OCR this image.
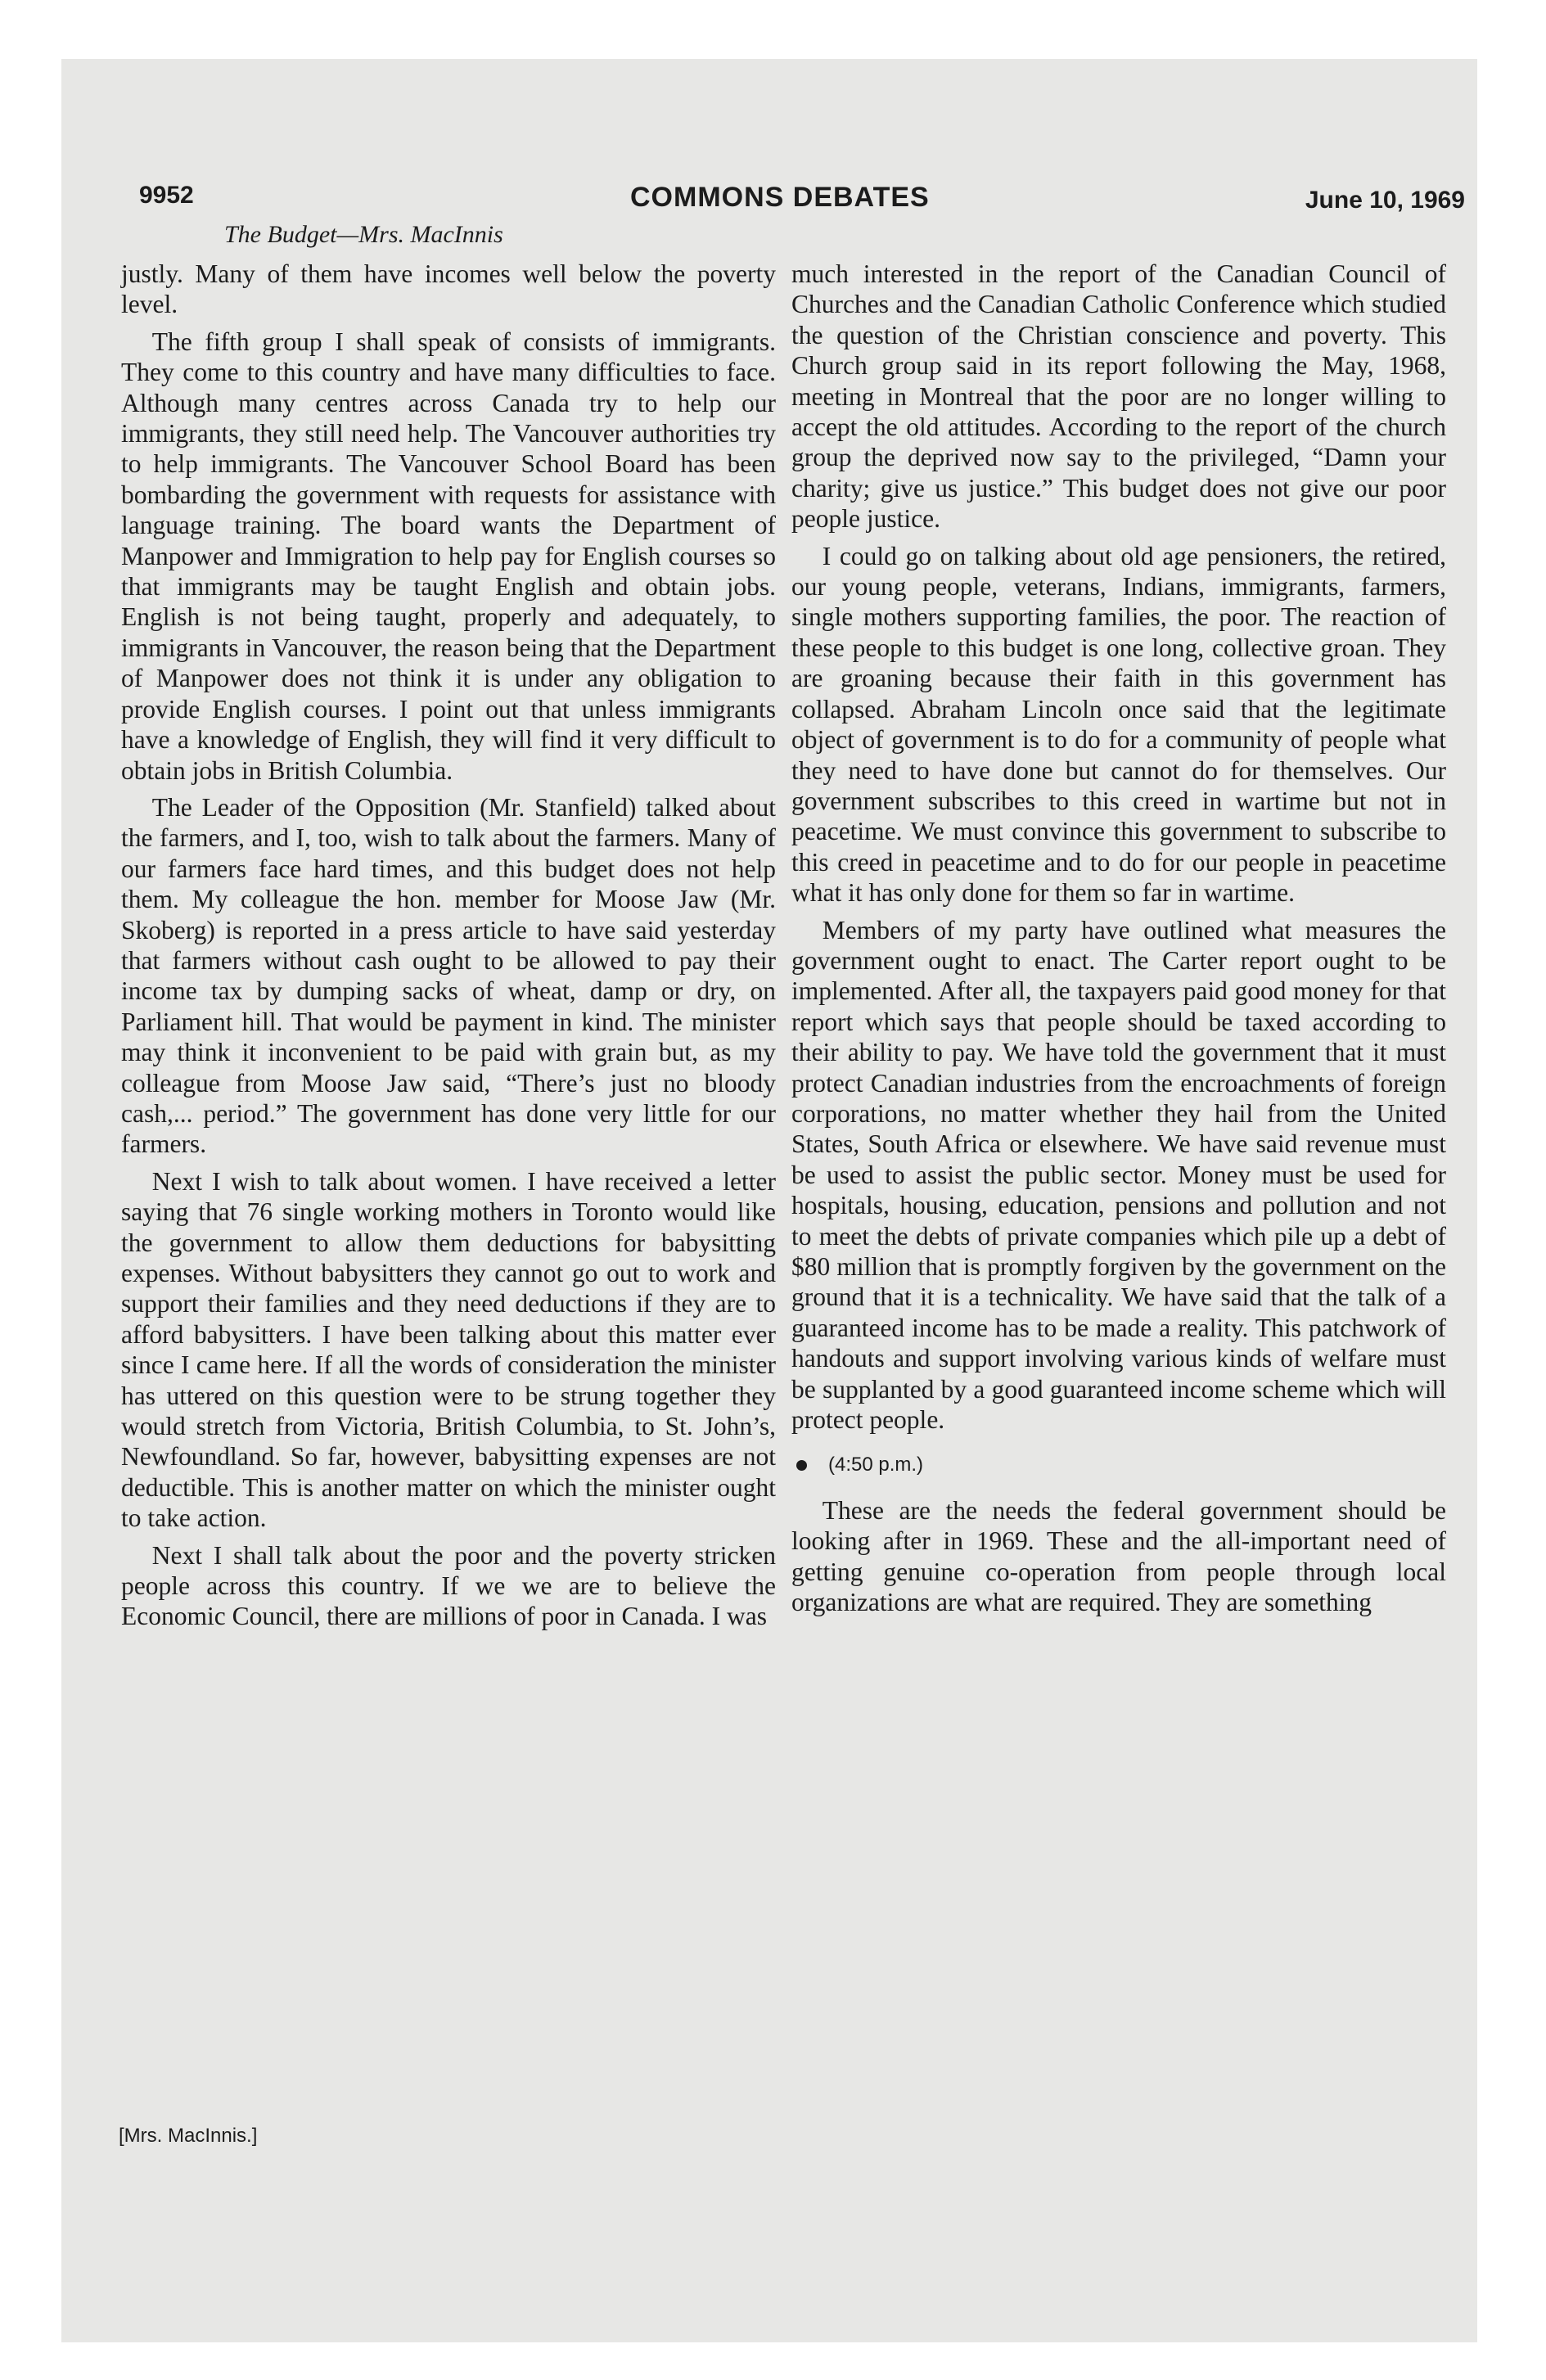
9952	COMMONS DEBATES	June 10, 1969
The Budget—Mrs. MacInnis

justly. Many of them have incomes well below the poverty level.

The fifth group I shall speak of consists of immigrants. They come to this country and have many difficulties to face. Although many centres across Canada try to help our immigrants, they still need help. The Vancouver authorities try to help immigrants. The Vancouver School Board has been bombarding the government with requests for assistance with language training. The board wants the Department of Manpower and Immigration to help pay for English courses so that immigrants may be taught English and obtain jobs. English is not being taught, properly and adequately, to immigrants in Vancouver, the reason being that the Department of Manpower does not think it is under any obligation to provide English courses. I point out that unless immigrants have a knowledge of English, they will find it very difficult to obtain jobs in British Columbia.

The Leader of the Opposition (Mr. Stanfield) talked about the farmers, and I, too, wish to talk about the farmers. Many of our farmers face hard times, and this budget does not help them. My colleague the hon. member for Moose Jaw (Mr. Skoberg) is reported in a press article to have said yesterday that farmers without cash ought to be allowed to pay their income tax by dumping sacks of wheat, damp or dry, on Parliament hill. That would be payment in kind. The minister may think it inconvenient to be paid with grain but, as my colleague from Moose Jaw said, “There’s just no bloody cash,... period.” The government has done very little for our farmers.

Next I wish to talk about women. I have received a letter saying that 76 single working mothers in Toronto would like the government to allow them deductions for babysitting expenses. Without babysitters they cannot go out to work and support their families and they need deductions if they are to afford babysitters. I have been talking about this matter ever since I came here. If all the words of consideration the minister has uttered on this question were to be strung together they would stretch from Victoria, British Columbia, to St. John’s, Newfoundland. So far, however, babysitting expenses are not deductible. This is another matter on which the minister ought to take action.

Next I shall talk about the poor and the poverty stricken people across this country. If we we are to believe the Economic Council, there are millions of poor in Canada. I was

[Mrs. MacInnis.]

much interested in the report of the Canadian Council of Churches and the Canadian Catholic Conference which studied the question of the Christian conscience and poverty. This Church group said in its report following the May, 1968, meeting in Montreal that the poor are no longer willing to accept the old attitudes. According to the report of the church group the deprived now say to the privileged, “Damn your charity; give us justice.” This budget does not give our poor people justice.

I could go on talking about old age pensioners, the retired, our young people, veterans, Indians, immigrants, farmers, single mothers supporting families, the poor. The reaction of these people to this budget is one long, collective groan. They are groaning because their faith in this government has collapsed. Abraham Lincoln once said that the legitimate object of government is to do for a community of people what they need to have done but cannot do for themselves. Our government subscribes to this creed in wartime but not in peacetime. We must convince this government to subscribe to this creed in peacetime and to do for our people in peacetime what it has only done for them so far in wartime.

Members of my party have outlined what measures the government ought to enact. The Carter report ought to be implemented. After all, the taxpayers paid good money for that report which says that people should be taxed according to their ability to pay. We have told the government that it must protect Canadian industries from the encroachments of foreign corporations, no matter whether they hail from the United States, South Africa or elsewhere. We have said revenue must be used to assist the public sector. Money must be used for hospitals, housing, education, pensions and pollution and not to meet the debts of private companies which pile up a debt of $80 million that is promptly forgiven by the government on the ground that it is a technicality. We have said that the talk of a guaranteed income has to be made a reality. This patchwork of handouts and support involving various kinds of welfare must be supplanted by a good guaranteed income scheme which will protect people.

(4:50 p.m.)

These are the needs the federal government should be looking after in 1969. These and the all-important need of getting genuine co-operation from people through local organizations are what are required. They are something
